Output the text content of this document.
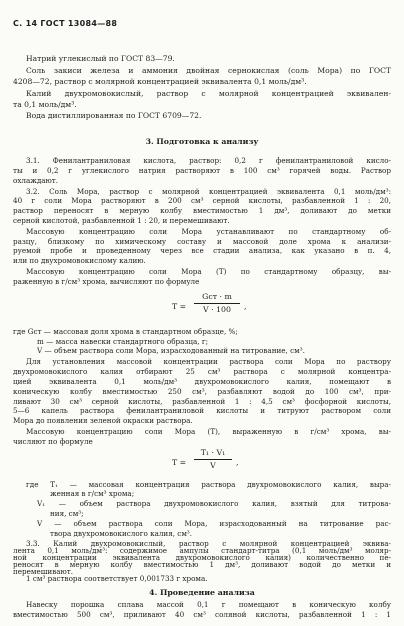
С. 14 ГОСТ 13084—88
Натрий углекислый по ГОСТ 83—79.
Соль закиси железа и аммония двойная сернокислая (соль Мора) по ГОСТ
4208—72, раствор с молярной концентрацией эквивалента 0,1 моль/дм³.
Калий двухромовокислый, раствор с молярной концентрацией эквивален-
та 0,1 моль/дм³.
Вода дистиллированная по ГОСТ 6709—72.
3. Подготовка к анализу
3.1. Фенилантраниловая кислота, раствор: 0,2 г фенилантраниловой кисло-
ты и 0,2 г углекислого натрия растворяют в 100 см³ горячей воды. Раствор
охлаждают.
3.2. Соль Мора, раствор с молярной концентрацией эквивалента 0,1 моль/дм³:
40 г соли Мора растворяют в 200 см³ серной кислоты, разбавленной 1 : 20,
раствор переносят в мерную колбу вместимостью 1 дм³, доливают до метки
серной кислотой, разбавленной 1 : 20, и перемешивают.
Массовую концентрацию соли Мора устанавливают по стандартному об-
разцу, близкому по химическому составу и массовой доле хрома к анализи-
руемой пробе и проведенному через все стадии анализа, как указано в п. 4,
или по двухромовокислому калию.
Массовую концентрацию соли Мора (T) по стандартному образцу, вы-
раженную в г/см³ хрома, вычисляют по формуле
T =
Gст · m
V · 100 ,
где Gст — массовая доля хрома в стандартном образце, %;
m — масса навески стандартного образца, г;
V — объем раствора соли Мора, израсходованный на титрование, см³.
Для установления массовой концентрации раствора соли Мора по раствору
двухромовокислого калия отбирают 25 см³ раствора с молярной концентра-
цией эквивалента 0,1 моль/дм³ двухромовокислого калия, помещают в
коническую колбу вместимостью 250 см³, разбавляют водой до 100 см³, при-
ливают 30 см³ серной кислоты, разбавленной 1 : 4,5 см³ фосфорной кислоты,
5—6 капель раствора фенилантраниловой кислоты и титруют раствором соли
Мора до появления зеленой окраски раствора.
Массовую концентрацию соли Мора (T), выраженную в г/см³ хрома, вы-
числяют по формуле
T =
T₁ · V₁
V	,
где T₁ — массовая концентрация раствора двухромовокислого калия, выра-
женная в г/см³ хрома;
V₁ — объем раствора двухромовокислого калия, взятый для титрова-
ния, см³;
V — объем раствора соли Мора, израсходованный на титрование рас-
твора двухромовокислого калия, см³.
3.3. Калий двухромовокислый, раствор с молярной концентрацией эквива-
лента 0,1 моль/дм³: содержимое ампулы стандарт-титра (0,1 моль/дм³ моляр-
ной концентрации эквивалента двухромовокислого калия) количественно пе-
реносят в мерную колбу вместимостью 1 дм³, доливают водой до метки и
перемешивают.
1 см³ раствора соответствует 0,001733 г хрома.
4. Проведение анализа
Навеску порошка сплава массой 0,1 г помещают в коническую колбу
вместимостью 500 см³, приливают 40 см³ соляной кислоты, разбавленной 1 : 1
